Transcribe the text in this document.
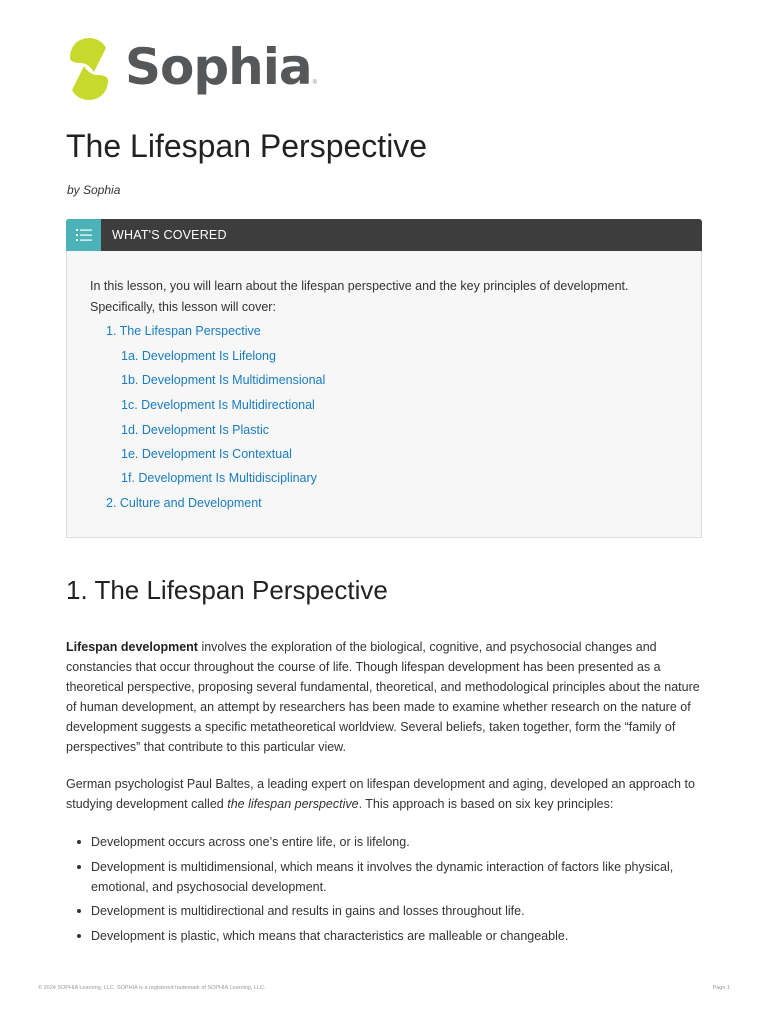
Sophia ®
The Lifespan Perspective
by Sophia
WHAT'S COVERED

In this lesson, you will learn about the lifespan perspective and the key principles of development. Specifically, this lesson will cover:

1. The Lifespan Perspective
1a. Development Is Lifelong
1b. Development Is Multidimensional
1c. Development Is Multidirectional
1d. Development Is Plastic
1e. Development Is Contextual
1f. Development Is Multidisciplinary
2. Culture and Development
1. The Lifespan Perspective

Lifespan development involves the exploration of the biological, cognitive, and psychosocial changes and constancies that occur throughout the course of life. Though lifespan development has been presented as a theoretical perspective, proposing several fundamental, theoretical, and methodological principles about the nature of human development, an attempt by researchers has been made to examine whether research on the nature of development suggests a specific metatheoretical worldview. Several beliefs, taken together, form the “family of perspectives” that contribute to this particular view.

German psychologist Paul Baltes, a leading expert on lifespan development and aging, developed an approach to studying development called the lifespan perspective. This approach is based on six key principles:

Development occurs across one’s entire life, or is lifelong.
Development is multidimensional, which means it involves the dynamic interaction of factors like physical, emotional, and psychosocial development.
Development is multidirectional and results in gains and losses throughout life.
Development is plastic, which means that characteristics are malleable or changeable.
© 2024 SOPHIA Learning, LLC. SOPHIA is a registered trademark of SOPHIA Learning, LLC.	Page 1
